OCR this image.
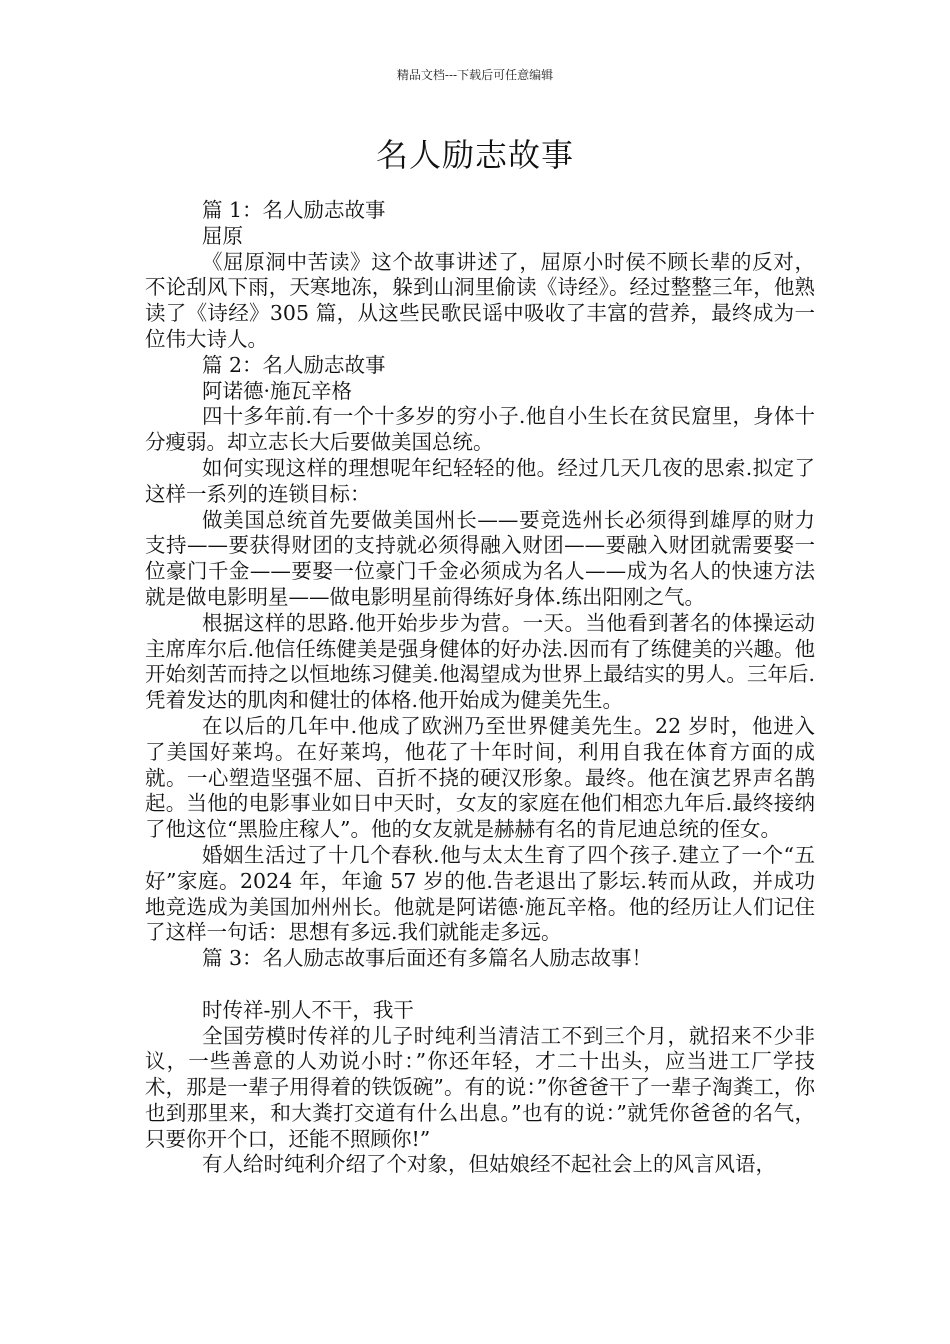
精品文档---下载后可任意编辑
名人励志故事

篇 1：名人励志故事

屈原

《屈原洞中苦读》这个故事讲述了，屈原小时侯不顾长辈的反对，不论刮风下雨，天寒地冻，躲到山洞里偷读《诗经》。经过整整三年，他熟读了《诗经》305 篇，从这些民歌民谣中吸收了丰富的营养，最终成为一位伟大诗人。

篇 2：名人励志故事

阿诺德·施瓦辛格

四十多年前.有一个十多岁的穷小子.他自小生长在贫民窟里，身体十分瘦弱。却立志长大后要做美国总统。

如何实现这样的理想呢年纪轻轻的他。经过几天几夜的思索.拟定了这样一系列的连锁目标：

做美国总统首先要做美国州长——要竞选州长必须得到雄厚的财力支持——要获得财团的支持就必须得融入财团——要融入财团就需要娶一位豪门千金——要娶一位豪门千金必须成为名人——成为名人的快速方法就是做电影明星——做电影明星前得练好身体.练出阳刚之气。

根据这样的思路.他开始步步为营。一天。当他看到著名的体操运动主席库尔后.他信任练健美是强身健体的好办法.因而有了练健美的兴趣。他开始刻苦而持之以恒地练习健美.他渴望成为世界上最结实的男人。三年后.凭着发达的肌肉和健壮的体格.他开始成为健美先生。

在以后的几年中.他成了欧洲乃至世界健美先生。22 岁时，他进入了美国好莱坞。在好莱坞，他花了十年时间，利用自我在体育方面的成就。一心塑造坚强不屈、百折不挠的硬汉形象。最终。他在演艺界声名鹊起。当他的电影事业如日中天时，女友的家庭在他们相恋九年后.最终接纳了他这位“黑脸庄稼人”。他的女友就是赫赫有名的肯尼迪总统的侄女。

婚姻生活过了十几个春秋.他与太太生育了四个孩子.建立了一个“五好”家庭。2024 年，年逾 57 岁的他.告老退出了影坛.转而从政，并成功地竞选成为美国加州州长。他就是阿诺德·施瓦辛格。他的经历让人们记住了这样一句话：思想有多远.我们就能走多远。

篇 3：名人励志故事后面还有多篇名人励志故事！

时传祥-别人不干，我干

全国劳模时传祥的儿子时纯利当清洁工不到三个月，就招来不少非议，一些善意的人劝说小时：”你还年轻，才二十出头，应当进工厂学技术，那是一辈子用得着的铁饭碗”。有的说：”你爸爸干了一辈子淘粪工，你也到那里来，和大粪打交道有什么出息。”也有的说：”就凭你爸爸的名气，只要你开个口，还能不照顾你!”

有人给时纯利介绍了个对象，但姑娘经不起社会上的风言风语，
